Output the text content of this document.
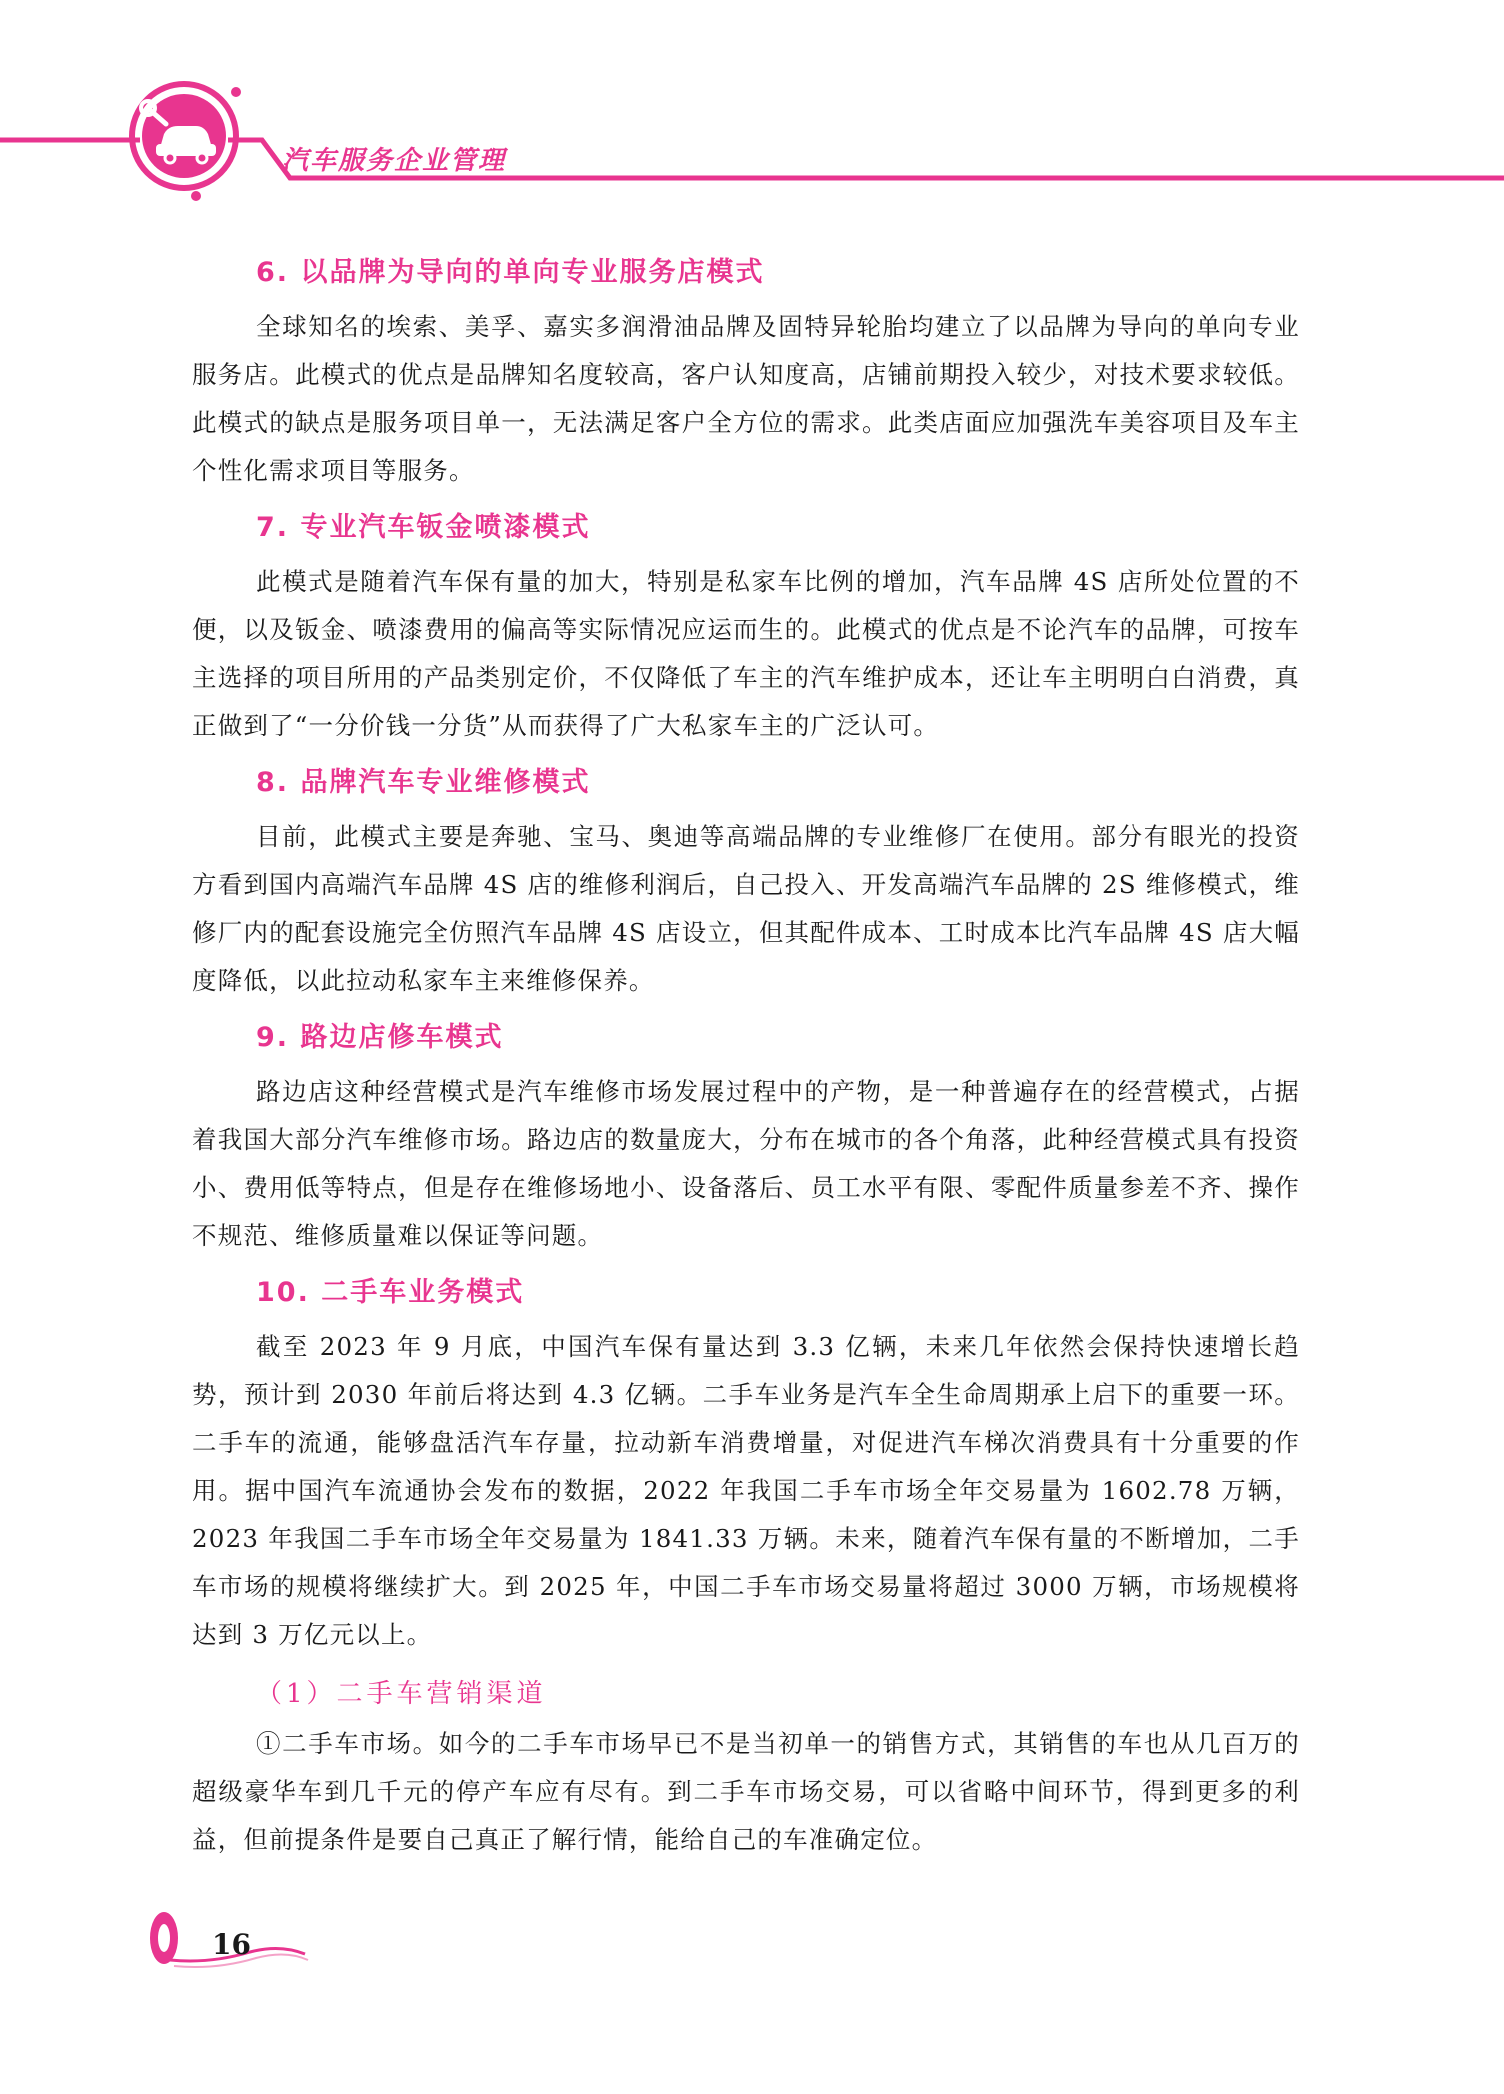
汽车服务企业管理
6. 以品牌为导向的单向专业服务店模式

全球知名的埃索、美孚、嘉实多润滑油品牌及固特异轮胎均建立了以品牌为导向的单向专业服务店。此模式的优点是品牌知名度较高，客户认知度高，店铺前期投入较少，对技术要求较低。此模式的缺点是服务项目单一，无法满足客户全方位的需求。此类店面应加强洗车美容项目及车主个性化需求项目等服务。

7. 专业汽车钣金喷漆模式

此模式是随着汽车保有量的加大，特别是私家车比例的增加，汽车品牌 4S 店所处位置的不便，以及钣金、喷漆费用的偏高等实际情况应运而生的。此模式的优点是不论汽车的品牌，可按车主选择的项目所用的产品类别定价，不仅降低了车主的汽车维护成本，还让车主明明白白消费，真正做到了“一分价钱一分货”从而获得了广大私家车主的广泛认可。

8. 品牌汽车专业维修模式

目前，此模式主要是奔驰、宝马、奥迪等高端品牌的专业维修厂在使用。部分有眼光的投资方看到国内高端汽车品牌 4S 店的维修利润后，自己投入、开发高端汽车品牌的 2S 维修模式，维修厂内的配套设施完全仿照汽车品牌 4S 店设立，但其配件成本、工时成本比汽车品牌 4S 店大幅度降低，以此拉动私家车主来维修保养。

9. 路边店修车模式

路边店这种经营模式是汽车维修市场发展过程中的产物，是一种普遍存在的经营模式，占据着我国大部分汽车维修市场。路边店的数量庞大，分布在城市的各个角落，此种经营模式具有投资小、费用低等特点，但是存在维修场地小、设备落后、员工水平有限、零配件质量参差不齐、操作不规范、维修质量难以保证等问题。

10. 二手车业务模式

截至 2023 年 9 月底，中国汽车保有量达到 3.3 亿辆，未来几年依然会保持快速增长趋势，预计到 2030 年前后将达到 4.3 亿辆。二手车业务是汽车全生命周期承上启下的重要一环。二手车的流通，能够盘活汽车存量，拉动新车消费增量，对促进汽车梯次消费具有十分重要的作用。据中国汽车流通协会发布的数据，2022 年我国二手车市场全年交易量为 1602.78 万辆，2023 年我国二手车市场全年交易量为 1841.33 万辆。未来，随着汽车保有量的不断增加，二手车市场的规模将继续扩大。到 2025 年，中国二手车市场交易量将超过 3000 万辆，市场规模将达到 3 万亿元以上。

（1）二手车营销渠道

①二手车市场。如今的二手车市场早已不是当初单一的销售方式，其销售的车也从几百万的超级豪华车到几千元的停产车应有尽有。到二手车市场交易，可以省略中间环节，得到更多的利益，但前提条件是要自己真正了解行情，能给自己的车准确定位。

16
